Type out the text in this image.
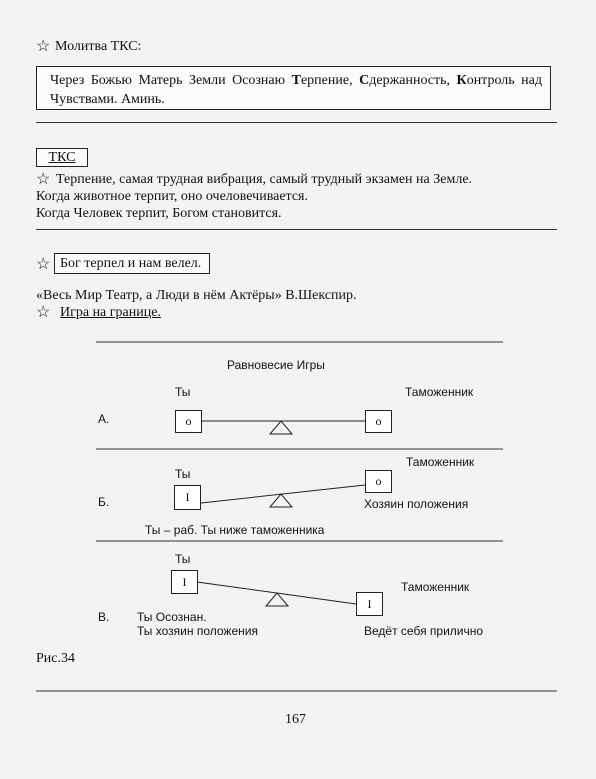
☆ Молитва ТКС:
Через Божью Матерь Земли Осознаю Терпение, Сдержанность, Контроль над Чувствами. Аминь.
ТКС
☆ Терпение, самая трудная вибрация, самый трудный экзамен на Земле.
Когда животное терпит, оно очеловечивается.
Когда Человек терпит, Богом становится.
☆ Бог терпел и нам велел.
«Весь Мир Театр, а Люди в нём Актёры» В.Шекспир.
☆ Игра на границе.
Равновесие Игры
Ты	Таможенник
А.	o	o
Таможенник
Ты	o
I
Б.	Хозяин положения
Ты – раб. Ты ниже таможенника
Ты
I	Таможенник
I
В. Ты Осознан.
Ты хозяин положения	Ведёт себя прилично
Рис.34
167
